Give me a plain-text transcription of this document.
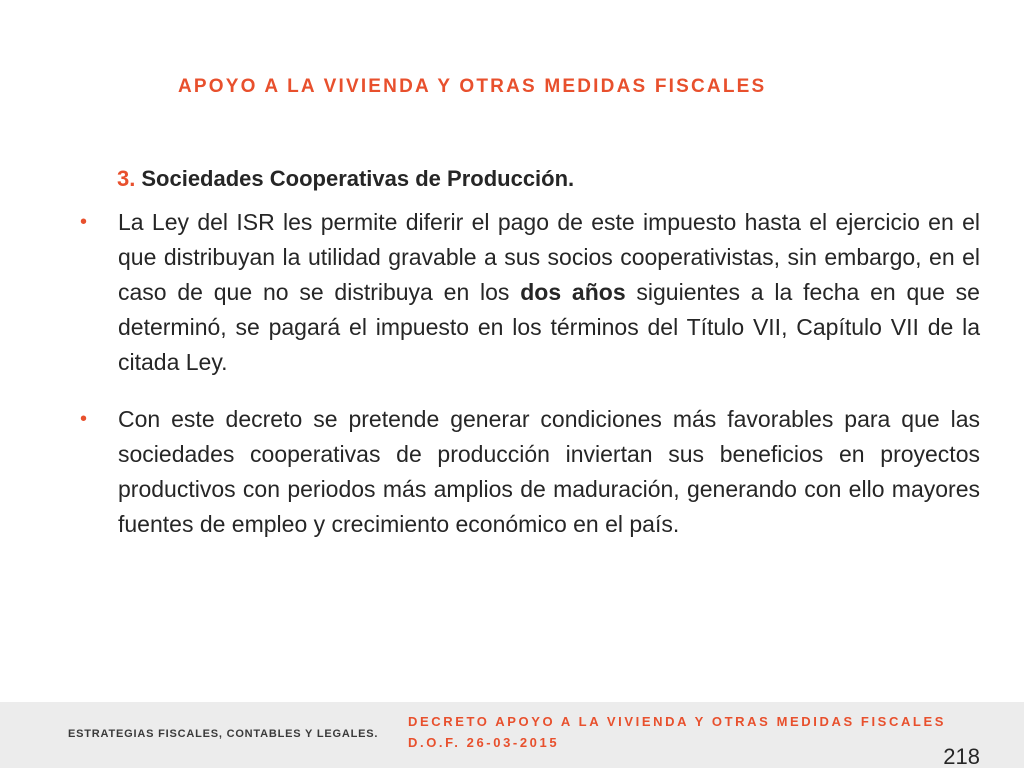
APOYO A LA VIVIENDA Y OTRAS MEDIDAS FISCALES
3. Sociedades Cooperativas de Producción.
• La Ley del ISR les permite diferir el pago de este impuesto hasta el ejercicio en el que distribuyan la utilidad gravable a sus socios cooperativistas, sin embargo, en el caso de que no se distribuya en los dos años siguientes a la fecha en que se determinó, se pagará el impuesto en los términos del Título VII, Capítulo VII de la citada Ley.
• Con este decreto se pretende generar condiciones más favorables para que las sociedades cooperativas de producción inviertan sus beneficios en proyectos productivos con periodos más amplios de maduración, generando con ello mayores fuentes de empleo y crecimiento económico en el país.
ESTRATEGIAS FISCALES, CONTABLES Y LEGALES.
DECRETO APOYO A LA VIVIENDA Y OTRAS MEDIDAS FISCALES
D.O.F. 26-03-2015
218
